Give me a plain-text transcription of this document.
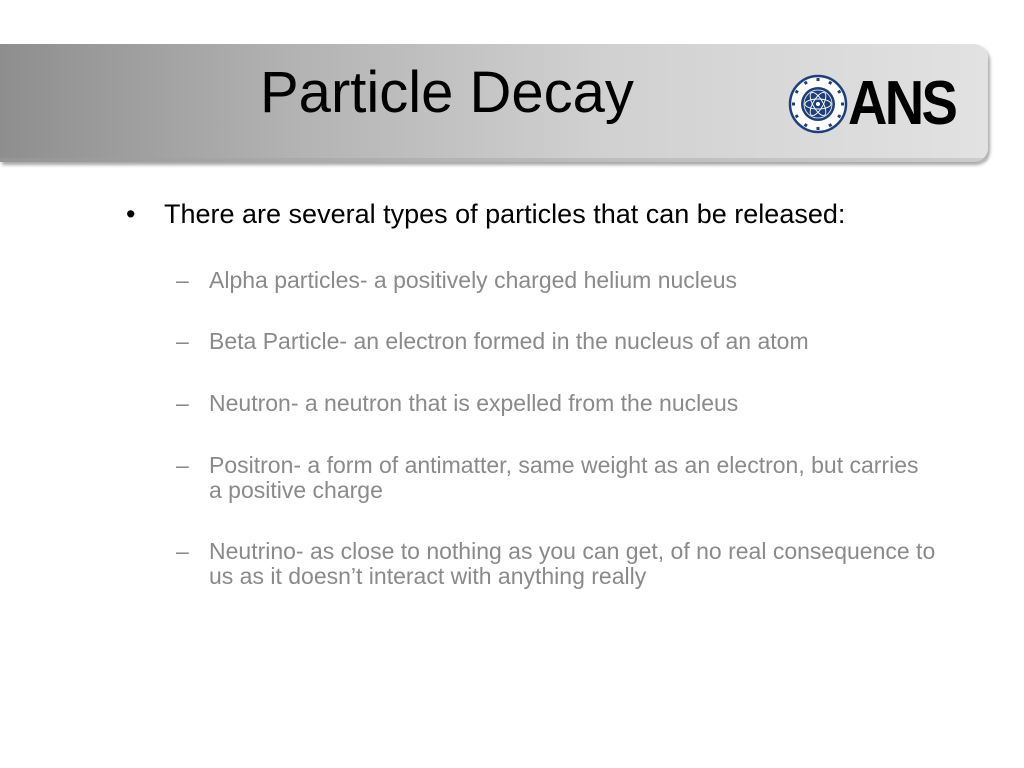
Particle Decay	ANS
• There are several types of particles that can be released:
– Alpha particles- a positively charged helium nucleus
– Beta Particle- an electron formed in the nucleus of an atom
– Neutron- a neutron that is expelled from the nucleus
– Positron- a form of antimatter, same weight as an electron, but carries a positive charge
– Neutrino- as close to nothing as you can get, of no real consequence to us as it doesn’t interact with anything really
